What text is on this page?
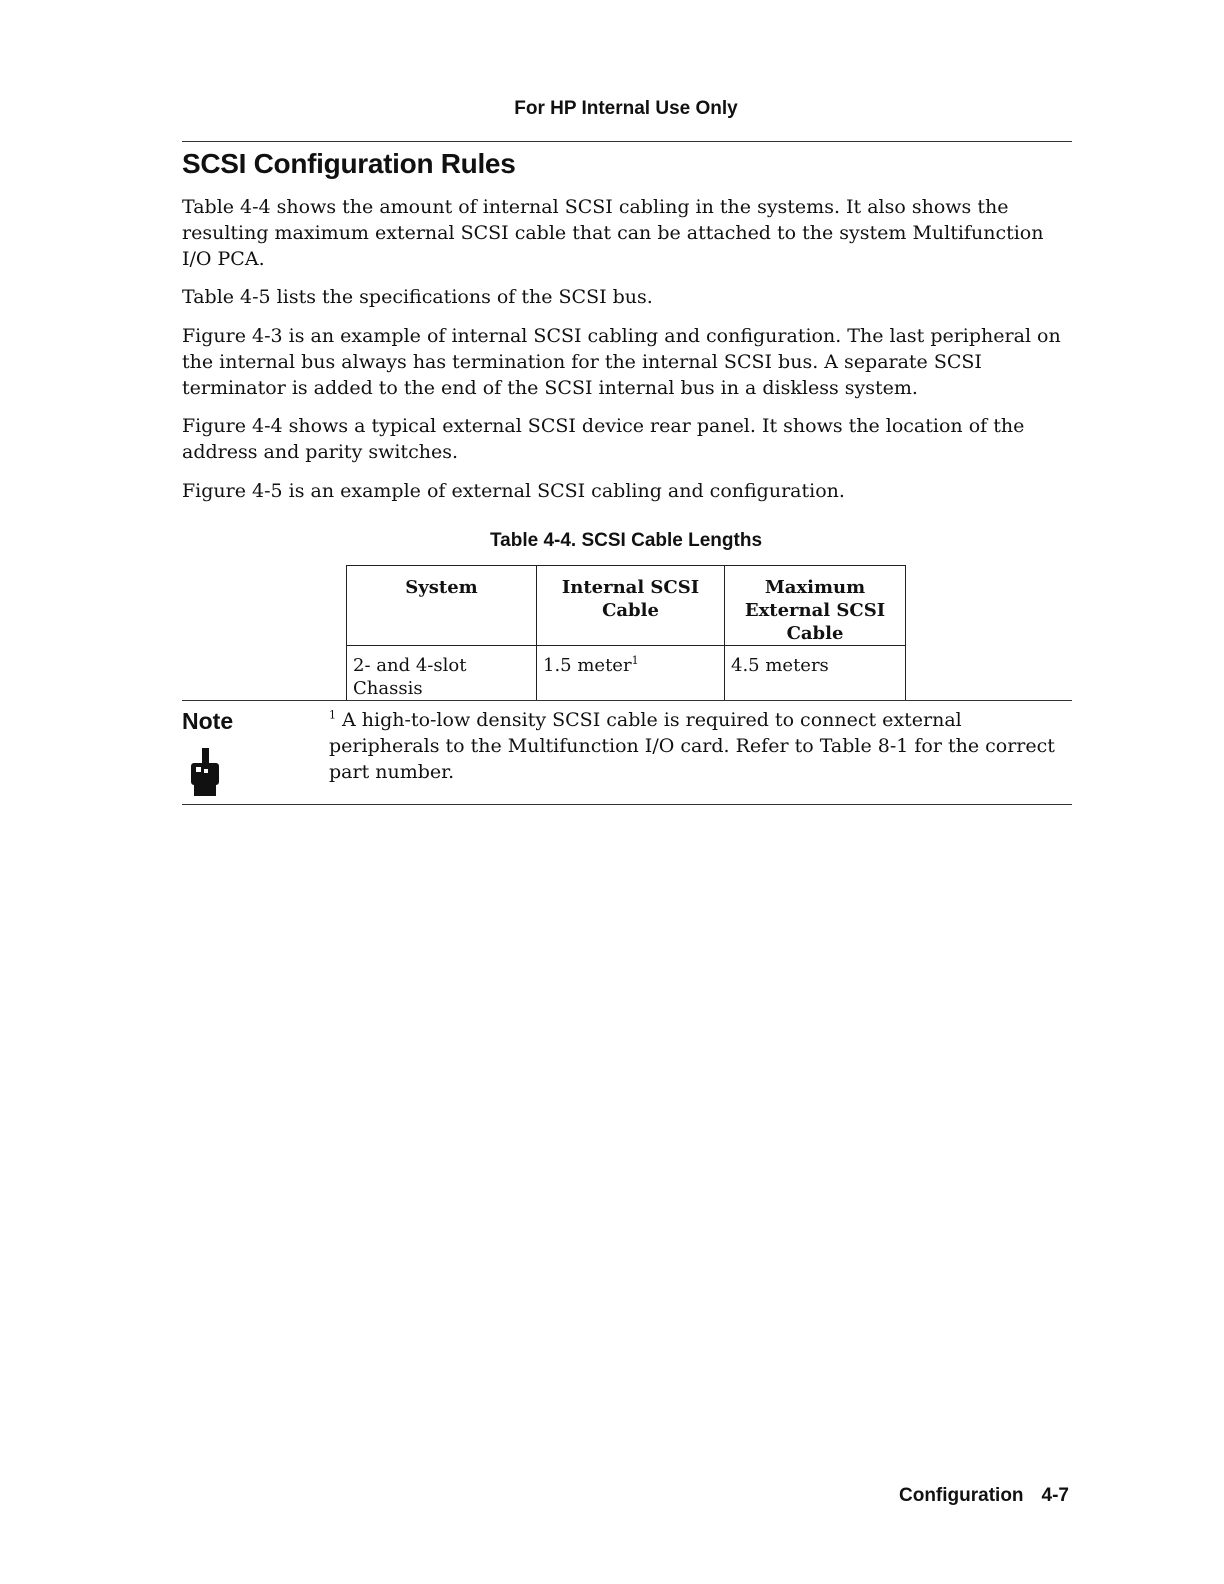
For HP Internal Use Only
SCSI Configuration Rules

Table 4-4 shows the amount of internal SCSI cabling in the systems. It also shows the resulting maximum external SCSI cable that can be attached to the system Multifunction I/O PCA.

Table 4-5 lists the specifications of the SCSI bus.

Figure 4-3 is an example of internal SCSI cabling and configuration. The last peripheral on the internal bus always has termination for the internal SCSI bus. A separate SCSI terminator is added to the end of the SCSI internal bus in a diskless system.

Figure 4-4 shows a typical external SCSI device rear panel. It shows the location of the address and parity switches.

Figure 4-5 is an example of external SCSI cabling and configuration.

Table 4-4. SCSI Cable Lengths
System	Internal SCSI Cable	Maximum External SCSI Cable
2- and 4-slot Chassis	1.5 meter$^1$	4.5 meters
Note	$^1$ A high-to-low density SCSI cable is required to connect external peripherals to the Multifunction I/O card. Refer to Table 8-1 for the correct part number.

Configuration 4-7
